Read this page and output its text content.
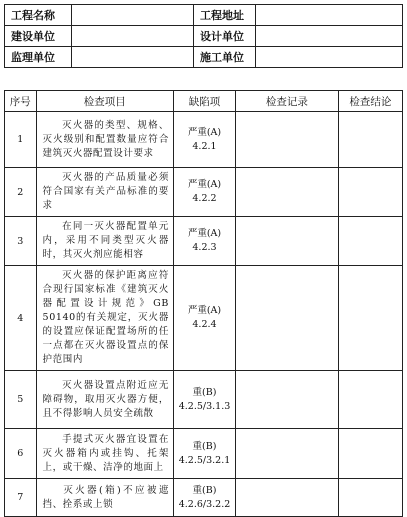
工程名称		工程地址	
建设单位		设计单位	
监理单位		施工单位	
序号	检查项目	缺陷项	检查记录	检查结论
1	灭火器的类型、规格、灭火级别和配置数量应符合建筑灭火器配置设计要求	严重(A)
4.2.1		

2	灭火器的产品质量必须符合国家有关产品标准的要求	严重(A)
4.2.2		

3	在同一灭火器配置单元内，采用不同类型灭火器时，其灭火剂应能相容	严重(A)
4.2.3		

4	灭火器的保护距离应符合现行国家标准《建筑灭火器配置设计规范》GB 50140的有关规定，灭火器的设置应保证配置场所的任一点都在灭火器设置点的保护范围内	严重(A)
4.2.4		

5	灭火器设置点附近应无障碍物，取用灭火器方便，且不得影响人员安全疏散	重(B)
4.2.5/3.1.3		

6	手提式灭火器宜设置在灭火器箱内或挂钩、托架上，或干燥、洁净的地面上	重(B)
4.2.5/3.2.1		

7	灭火器(箱)不应被遮挡、拴系或上锁	重(B)
4.2.6/3.2.2		
